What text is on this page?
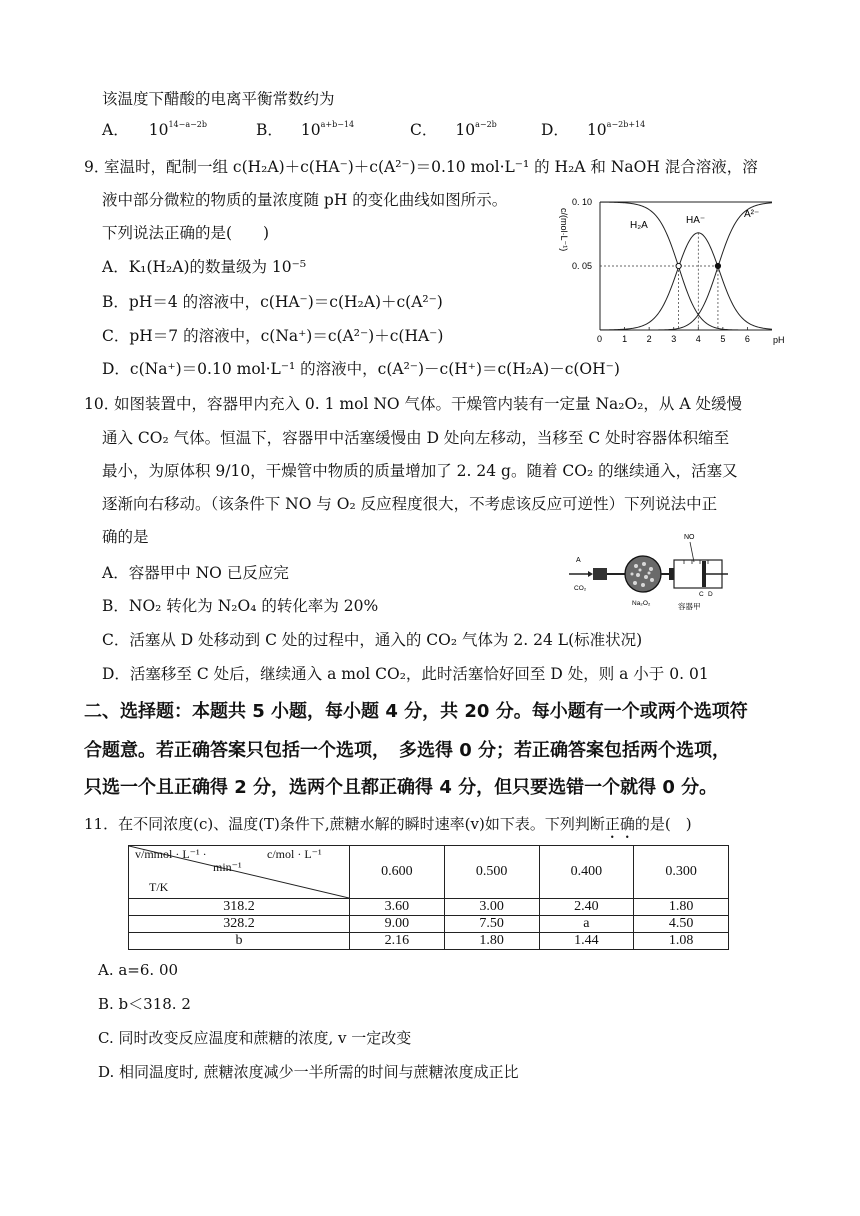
该温度下醋酸的电离平衡常数约为
A． $10^{14-a-2b}$	B． $10^{a+b-14}$	C． $10^{a-2b}$	D． $10^{a-2b+14}$
9．
室温时，配制一组 c(H₂A)＋c(HA⁻)＋c(A²⁻)＝0.10 mol·L⁻¹ 的 H₂A 和 NaOH 混合溶液，溶
液中部分微粒的物质的量浓度随 pH 的变化曲线如图所示。
下列说法正确的是(　　)
A．K₁(H₂A)的数量级为 10⁻⁵
B．pH＝4 的溶液中，c(HA⁻)＝c(H₂A)＋c(A²⁻)
C．pH＝7 的溶液中，c(Na⁺)＝c(A²⁻)＋c(HA⁻)
D．c(Na⁺)＝0.10 mol·L⁻¹ 的溶液中，c(A²⁻)－c(H⁺)＝c(H₂A)－c(OH⁻)
c/(mol·L⁻¹)
0. 10
0. 05
0	pH
1 2 3 4 5 6
H₂A	HA⁻
A²⁻
10．
如图装置中，容器甲内充入 0. 1 mol NO 气体。干燥管内装有一定量 Na₂O₂，从 A 处缓慢
通入 CO₂ 气体。恒温下，容器甲中活塞缓慢由 D 处向左移动，当移至 C 处时容器体积缩至
最小，为原体积 9/10，干燥管中物质的质量增加了 2. 24 g。随着 CO₂ 的继续通入，活塞又
逐渐向右移动。（该条件下 NO 与 O₂ 反应程度很大，不考虑该反应可逆性）下列说法中正
确的是
A．容器甲中 NO 已反应完
B．NO₂ 转化为 N₂O₄ 的转化率为 20%
C．活塞从 D 处移动到 C 处的过程中，通入的 CO₂ 气体为 2. 24 L(标准状况)
D．活塞移至 C 处后，继续通入 a mol CO₂，此时活塞恰好回至 D 处，则 a 小于 0. 01
A
CO₂
NO
Na₂O₂
C D
容器甲
二、选择题：本题共 5 小题，每小题 4 分，共 20 分。每小题有一个或两个选项符
合题意。若正确答案只包括一个选项，　多选得 0 分；若正确答案包括两个选项，
只选一个且正确得 2 分，选两个且都正确得 4 分，但只要选错一个就得 0 分。
11．在不同浓度(c)、温度(T)条件下,蔗糖水解的瞬时速率(v)如下表。下列判断正确的是(　)
v/mmol · L⁻¹ ·
min⁻¹
c/mol · L⁻¹
T/K	0.600	0.500	0.400	0.300
318.2	3.60	3.00	2.40	1.80
328.2	9.00	7.50	a	4.50
b	2.16	1.80	1.44	1.08
A. a=6. 00
B. b＜318. 2
C. 同时改变反应温度和蔗糖的浓度, v 一定改变
D. 相同温度时, 蔗糖浓度减少一半所需的时间与蔗糖浓度成正比
